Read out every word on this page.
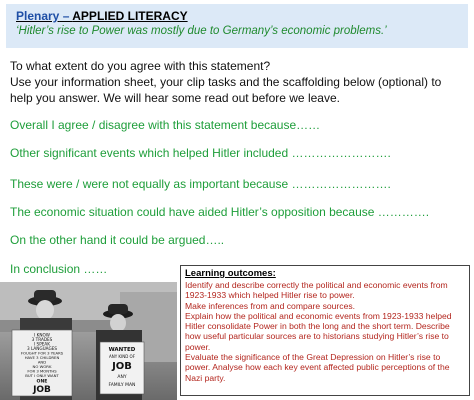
Plenary – APPLIED LITERACY
‘Hitler’s rise to Power was mostly due to Germany’s economic problems.’
To what extent do you agree with this statement?
Use your information sheet, your clip tasks and the scaffolding below (optional) to help you answer. We will hear some read out before we leave.
Overall I agree / disagree with this statement because……
Other significant events which helped Hitler included …………………….
These were / were not equally as important because …………………….
The economic situation could have aided Hitler’s opposition because ………….
On the other hand it could be argued…..
In conclusion ……
I KNOW
3 TRADES
I SPEAK
3 LANGUAGES
FOUGHT FOR 3 YEARS
HAVE 3 CHILDREN
AND
NO WORK
FOR 3 MONTHS
BUT I ONLY WANT
ONE
JOB
WANTED
ANY KIND OF
JOB
ANY
FAMILY MAN
Learning outcomes:

Identify and describe correctly the political and economic events from 1923-1933 which helped Hitler rise to power.

Make inferences from and compare sources.

Explain how the political and economic events from 1923-1933 helped Hitler consolidate Power in both the long and the short term. Describe how useful particular sources are to historians studying Hitler’s rise to power.

Evaluate the significance of the Great Depression on Hitler’s rise to power. Analyse how each key event affected public perceptions of the Nazi party.
